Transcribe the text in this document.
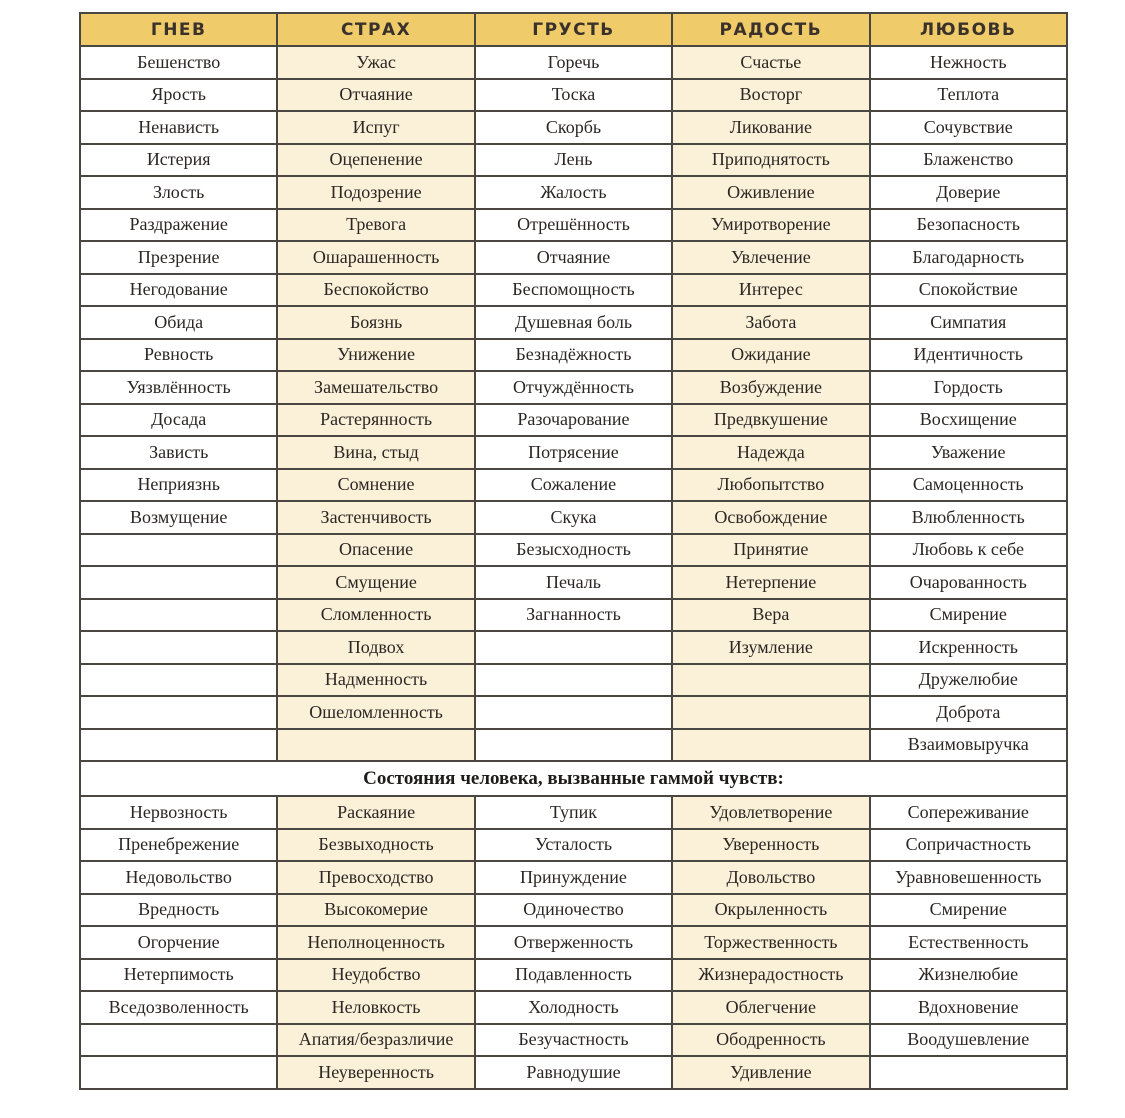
ГНЕВ	СТРАХ	ГРУСТЬ	РАДОСТЬ	ЛЮБОВЬ
Бешенство	Ужас	Горечь	Счастье	Нежность
Ярость	Отчаяние	Тоска	Восторг	Теплота
Ненависть	Испуг	Скорбь	Ликование	Сочувствие
Истерия	Оцепенение	Лень	Приподнятость	Блаженство
Злость	Подозрение	Жалость	Оживление	Доверие
Раздражение	Тревога	Отрешённость	Умиротворение	Безопасность
Презрение	Ошарашенность	Отчаяние	Увлечение	Благодарность
Негодование	Беспокойство	Беспомощность	Интерес	Спокойствие
Обида	Боязнь	Душевная боль	Забота	Симпатия
Ревность	Унижение	Безнадёжность	Ожидание	Идентичность
Уязвлённость	Замешательство	Отчуждённость	Возбуждение	Гордость
Досада	Растерянность	Разочарование	Предвкушение	Восхищение
Зависть	Вина, стыд	Потрясение	Надежда	Уважение
Неприязнь	Сомнение	Сожаление	Любопытство	Самоценность
Возмущение	Застенчивость	Скука	Освобождение	Влюбленность
	Опасение	Безысходность	Принятие	Любовь к себе
	Смущение	Печаль	Нетерпение	Очарованность
	Сломленность	Загнанность	Вера	Смирение
	Подвох		Изумление	Искренность
	Надменность			Дружелюбие
	Ошеломленность			Доброта
				Взаимовыручка
Состояния человека, вызванные гаммой чувств:				
Нервозность	Раскаяние	Тупик	Удовлетворение	Сопереживание
Пренебрежение	Безвыходность	Усталость	Уверенность	Сопричастность
Недовольство	Превосходство	Принуждение	Довольство	Уравновешенность
Вредность	Высокомерие	Одиночество	Окрыленность	Смирение
Огорчение	Неполноценность	Отверженность	Торжественность	Естественность
Нетерпимость	Неудобство	Подавленность	Жизнерадостность	Жизнелюбие
Вседозволенность	Неловкость	Холодность	Облегчение	Вдохновение
	Апатия/безразличие	Безучастность	Ободренность	Воодушевление
	Неуверенность	Равнодушие	Удивление	
